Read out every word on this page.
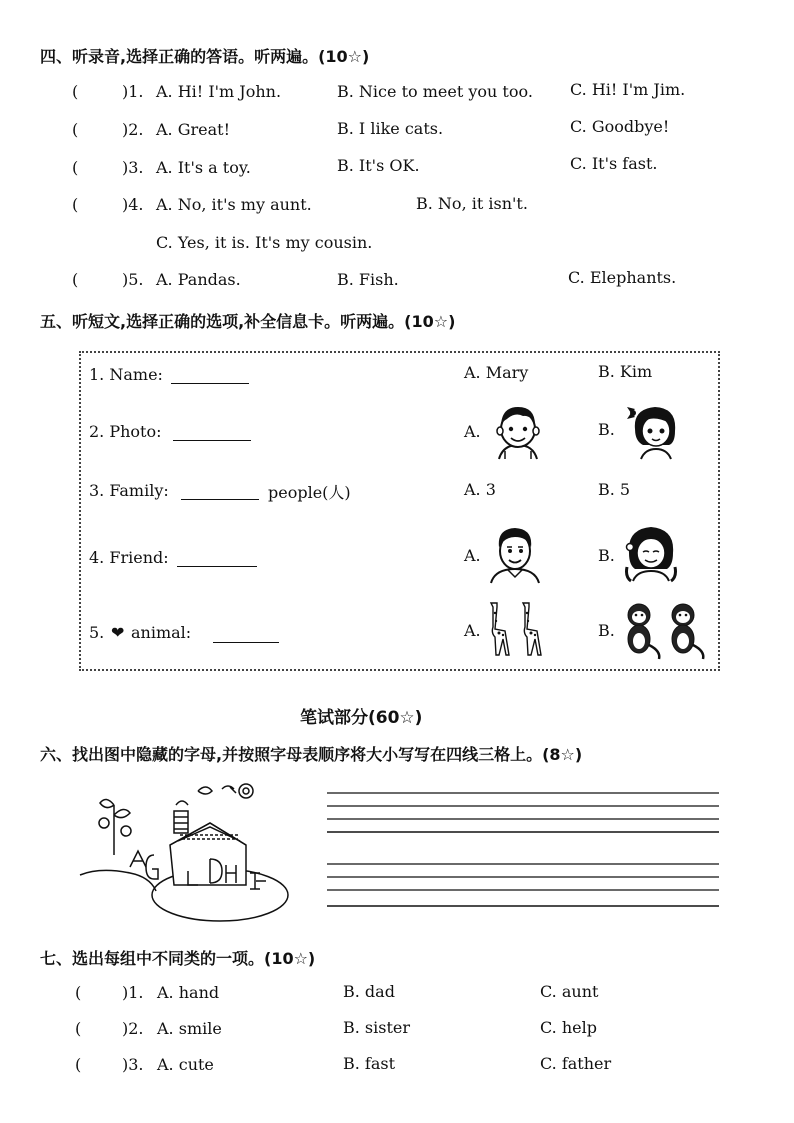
四、听录音,选择正确的答语。听两遍。(10☆)
(	)1. A. Hi! I'm John.	B. Nice to meet you too. C. Hi! I'm Jim.
(	)2. A. Great!	B. I like cats.	C. Goodbye!
(	)3. A. It's a toy.	B. It's OK.	C. It's fast.
(	)4. A. No, it's my aunt.	B. No, it isn't.
C. Yes, it is. It's my cousin.
(	)5. A. Pandas.	B. Fish.	C. Elephants.
五、听短文,选择正确的选项,补全信息卡。听两遍。(10☆)
1. Name:	A. Mary	B. Kim
2. Photo:	A.	B.
3. Family:	people(人)	A. 3	B. 5
4. Friend:	A.	B.
5. ❤ animal:	A.	B.
笔试部分(60☆)
六、找出图中隐藏的字母,并按照字母表顺序将大小写写在四线三格上。(8☆)
七、选出每组中不同类的一项。(10☆)
(	)1. A. hand	B. dad	C. aunt
(	)2. A. smile	B. sister	C. help
(	)3. A. cute	B. fast	C. father
